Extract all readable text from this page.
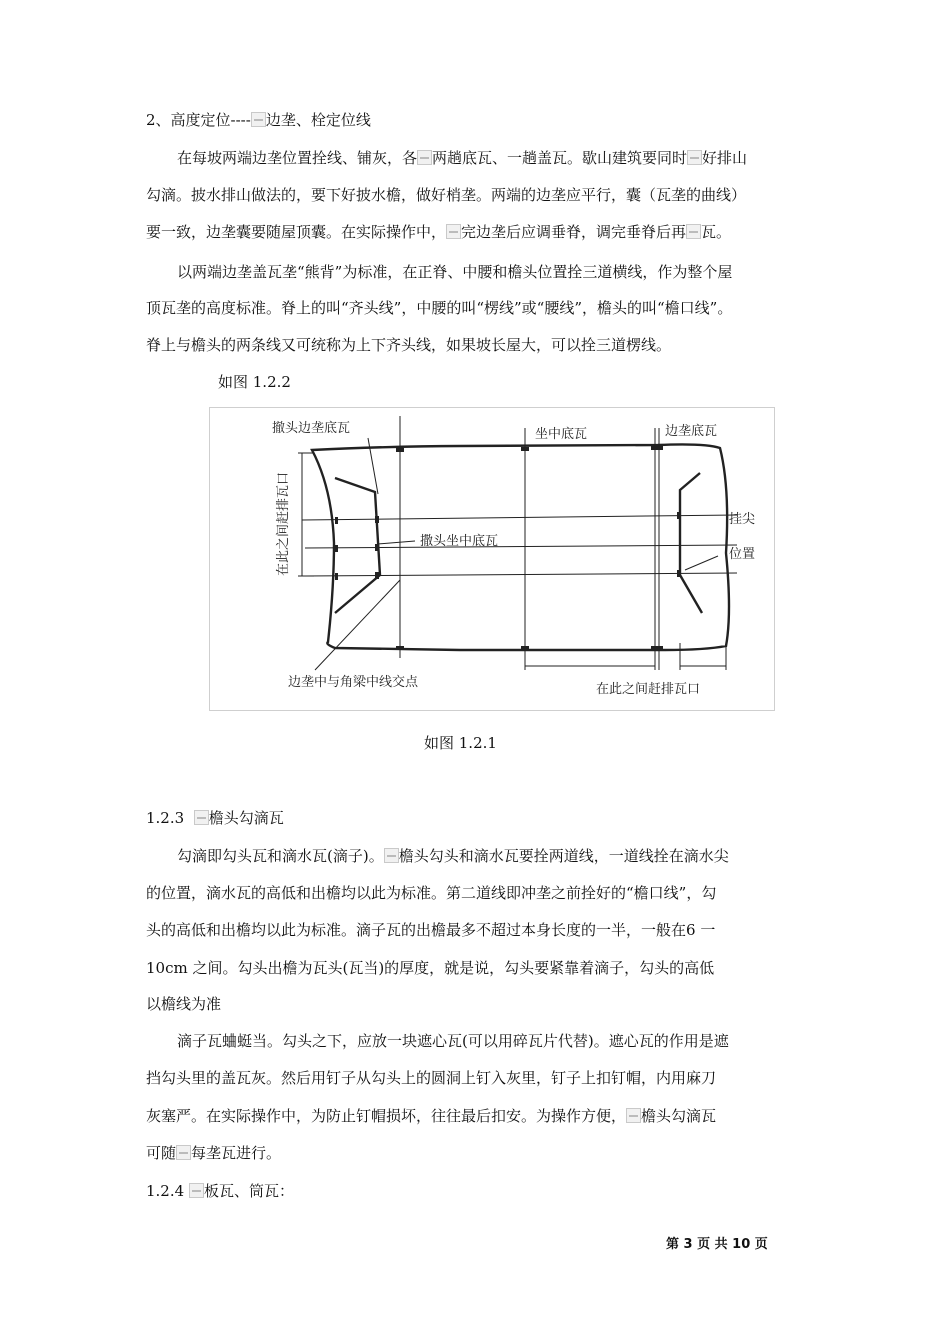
2、高度定位---- 边垄、栓定位线
在每坡两端边垄位置拴线、铺灰，各 两趟底瓦、一趟盖瓦。歇山建筑要同时 好排山
勾滴。披水排山做法的，要下好披水檐，做好梢垄。两端的边垄应平行，囊（瓦垄的曲线）
要一致，边垄囊要随屋顶囊。在实际操作中， 完边垄后应调垂脊，调完垂脊后再 瓦。
以两端边垄盖瓦垄“熊背”为标准，在正脊、中腰和檐头位置拴三道横线，作为整个屋
顶瓦垄的高度标准。脊上的叫“齐头线”，中腰的叫“楞线”或“腰线”，檐头的叫“檐口线”。
脊上与檐头的两条线又可统称为上下齐头线，如果坡长屋大，可以拴三道楞线。
如图 1.2.2
撤头边垄底瓦	坐中底瓦	边垄底瓦
撒头坐中底瓦
挂尖
位置
边垄中与角梁中线交点	在此之间赶排瓦口
在此之间赶排瓦口
如图 1.2.1
1.2.3 檐头勾滴瓦
勾滴即勾头瓦和滴水瓦(滴子)。 檐头勾头和滴水瓦要拴两道线，一道线拴在滴水尖
的位置，滴水瓦的高低和出檐均以此为标准。第二道线即冲垄之前拴好的“檐口线”，勾
头的高低和出檐均以此为标准。滴子瓦的出檐最多不超过本身长度的一半，一般在6 一
10cm 之间。勾头出檐为瓦头(瓦当)的厚度，就是说，勾头要紧靠着滴子，勾头的高低
以檐线为准
滴子瓦蛐蜓当。勾头之下，应放一块遮心瓦(可以用碎瓦片代替)。遮心瓦的作用是遮
挡勾头里的盖瓦灰。然后用钉子从勾头上的圆洞上钉入灰里，钉子上扣钉帽，内用麻刀
灰塞严。在实际操作中，为防止钉帽损坏，往往最后扣安。为操作方便， 檐头勾滴瓦
可随 每垄瓦进行。
1.2.4 板瓦、筒瓦：
第 3 页 共 10 页
